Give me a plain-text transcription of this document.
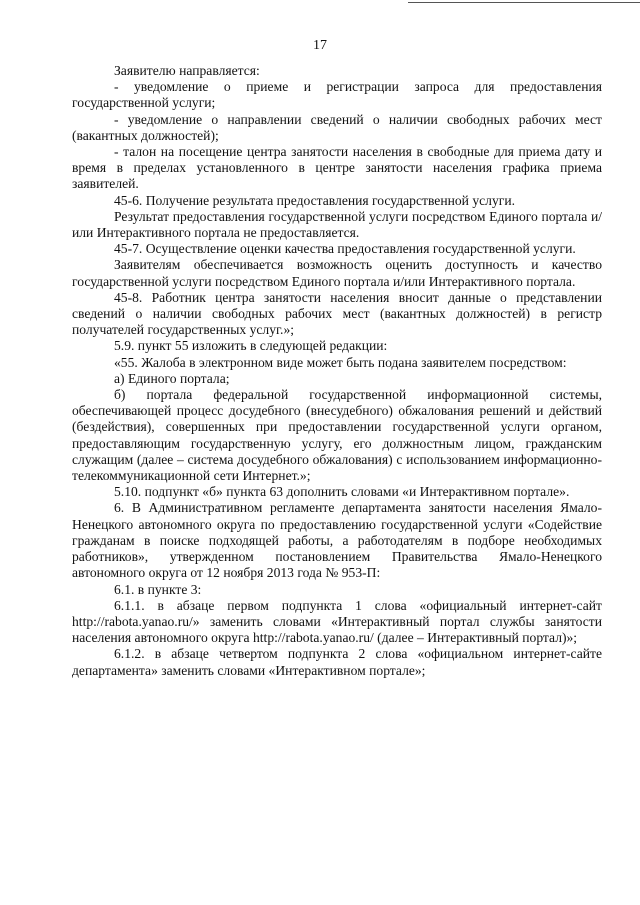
17

Заявителю направляется:

- уведомление о приеме и регистрации запроса для предоставления государственной услуги;

- уведомление о направлении сведений о наличии свободных рабочих мест (вакантных должностей);

- талон на посещение центра занятости населения в свободные для приема дату и время в пределах установленного в центре занятости населения графика приема заявителей.

45-6. Получение результата предоставления государственной услуги.

Результат предоставления государственной услуги посредством Единого портала и/или Интерактивного портала не предоставляется.

45-7. Осуществление оценки качества предоставления государственной услуги.

Заявителям обеспечивается возможность оценить доступность и качество государственной услуги посредством Единого портала и/или Интерактивного портала.

45-8. Работник центра занятости населения вносит данные о представлении сведений о наличии свободных рабочих мест (вакантных должностей) в регистр получателей государственных услуг.»;

5.9. пункт 55 изложить в следующей редакции:

«55. Жалоба в электронном виде может быть подана заявителем посредством:

а) Единого портала;

б) портала федеральной государственной информационной системы, обеспечивающей процесс досудебного (внесудебного) обжалования решений и действий (бездействия), совершенных при предоставлении государственной услуги органом, предоставляющим государственную услугу, его должностным лицом, гражданским служащим (далее – система досудебного обжалования) с использованием информационно-телекоммуникационной сети Интернет.»;

5.10. подпункт «б» пункта 63 дополнить словами «и Интерактивном портале».

6. В Административном регламенте департамента занятости населения Ямало-Ненецкого автономного округа по предоставлению государственной услуги «Содействие гражданам в поиске подходящей работы, а работодателям в подборе необходимых работников», утвержденном постановлением Правительства Ямало-Ненецкого автономного округа от 12 ноября 2013 года № 953-П:

6.1. в пункте 3:

6.1.1. в абзаце первом подпункта 1 слова «официальный интернет-сайт http://rabota.yanao.ru/» заменить словами «Интерактивный портал службы занятости населения автономного округа http://rabota.yanao.ru/ (далее – Интерактивный портал)»;

6.1.2. в абзаце четвертом подпункта 2 слова «официальном интернет-сайте департамента» заменить словами «Интерактивном портале»;
